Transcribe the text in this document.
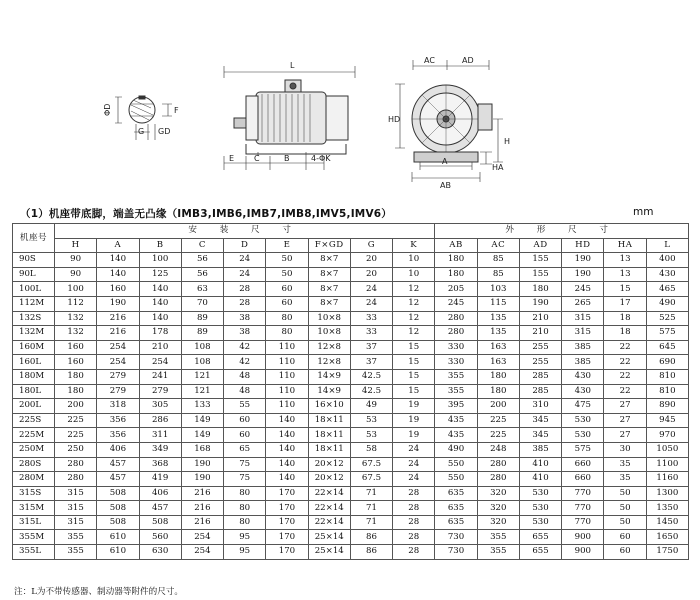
ΦD	F
G GD
L
E C	B	4-ΦK
AC	AD
HD
H
A
AB
HA
（1）机座带底脚，端盖无凸缘（IMB3,IMB6,IMB7,IMB8,IMV5,IMV6）	mm
机座号	安 装 尺 寸									外 形 尺 寸					
	H	A	B	C	D	E	F×GD	G	K	AB	AC	AD	HD	HA	L
90S	90	140	100	56	24	50	8×7	20	10	180	85	155	190	13	400
90L	90	140	125	56	24	50	8×7	20	10	180	85	155	190	13	430
100L	100	160	140	63	28	60	8×7	24	12	205	103	180	245	15	465
112M	112	190	140	70	28	60	8×7	24	12	245	115	190	265	17	490
132S	132	216	140	89	38	80	10×8	33	12	280	135	210	315	18	525
132M	132	216	178	89	38	80	10×8	33	12	280	135	210	315	18	575
160M	160	254	210	108	42	110	12×8	37	15	330	163	255	385	22	645
160L	160	254	254	108	42	110	12×8	37	15	330	163	255	385	22	690
180M	180	279	241	121	48	110	14×9	42.5	15	355	180	285	430	22	810
180L	180	279	279	121	48	110	14×9	42.5	15	355	180	285	430	22	810
200L	200	318	305	133	55	110	16×10	49	19	395	200	310	475	27	890
225S	225	356	286	149	60	140	18×11	53	19	435	225	345	530	27	945
225M	225	356	311	149	60	140	18×11	53	19	435	225	345	530	27	970
250M	250	406	349	168	65	140	18×11	58	24	490	248	385	575	30	1050
280S	280	457	368	190	75	140	20×12	67.5	24	550	280	410	660	35	1100
280M	280	457	419	190	75	140	20×12	67.5	24	550	280	410	660	35	1160
315S	315	508	406	216	80	170	22×14	71	28	635	320	530	770	50	1300
315M	315	508	457	216	80	170	22×14	71	28	635	320	530	770	50	1350
315L	315	508	508	216	80	170	22×14	71	28	635	320	530	770	50	1450
355M	355	610	560	254	95	170	25×14	86	28	730	355	655	900	60	1650
355L	355	610	630	254	95	170	25×14	86	28	730	355	655	900	60	1750
注：L为不带传感器、制动器等附件的尺寸。
